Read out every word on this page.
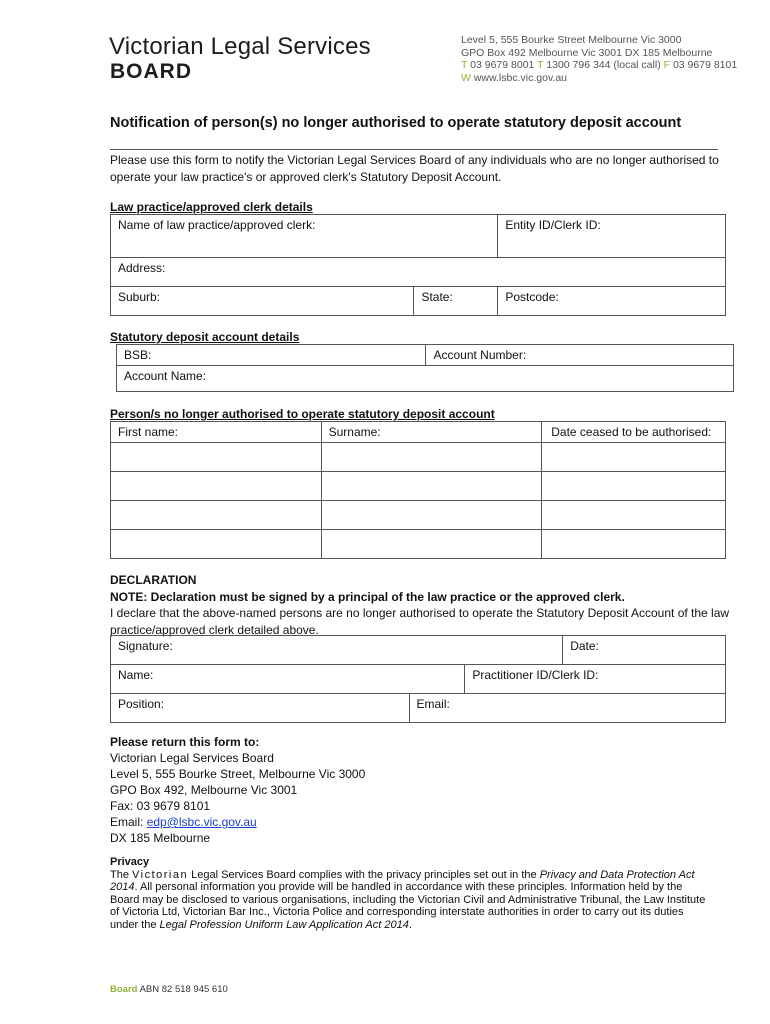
Victorian Legal Services
BOARD
Level 5, 555 Bourke Street Melbourne Vic 3000
GPO Box 492 Melbourne Vic 3001 DX 185 Melbourne
T 03 9679 8001 T 1300 796 344 (local call) F 03 9679 8101
W www.lsbc.vic.gov.au
Notification of person(s) no longer authorised to operate statutory deposit account
Please use this form to notify the Victorian Legal Services Board of any individuals who are no longer authorised to operate your law practice's or approved clerk's Statutory Deposit Account.
Law practice/approved clerk details
Name of law practice/approved clerk:		Entity ID/Clerk ID:
Address:		
Suburb:	State:	Postcode:
Statutory deposit account details
BSB:	Account Number:
Account Name:
Person/s no longer authorised to operate statutory deposit account
First name:	Surname:	Date ceased to be authorised:

DECLARATION
NOTE: Declaration must be signed by a principal of the law practice or the approved clerk.
I declare that the above-named persons are no longer authorised to operate the Statutory Deposit Account of the law practice/approved clerk detailed above.
Signature:			Date:
Name:		Practitioner ID/Clerk ID:	
Position:	Email:		
Please return this form to:
Victorian Legal Services Board
Level 5, 555 Bourke Street, Melbourne Vic 3000
GPO Box 492, Melbourne Vic 3001
Fax: 03 9679 8101
Email: edp@lsbc.vic.gov.au
DX 185 Melbourne
Privacy
The Victorian Legal Services Board complies with the privacy principles set out in the Privacy and Data Protection Act 2014. All personal information you provide will be handled in accordance with these principles. Information held by the Board may be disclosed to various organisations, including the Victorian Civil and Administrative Tribunal, the Law Institute of Victoria Ltd, Victorian Bar Inc., Victoria Police and corresponding interstate authorities in order to carry out its duties under the Legal Profession Uniform Law Application Act 2014.
Board ABN 82 518 945 610
